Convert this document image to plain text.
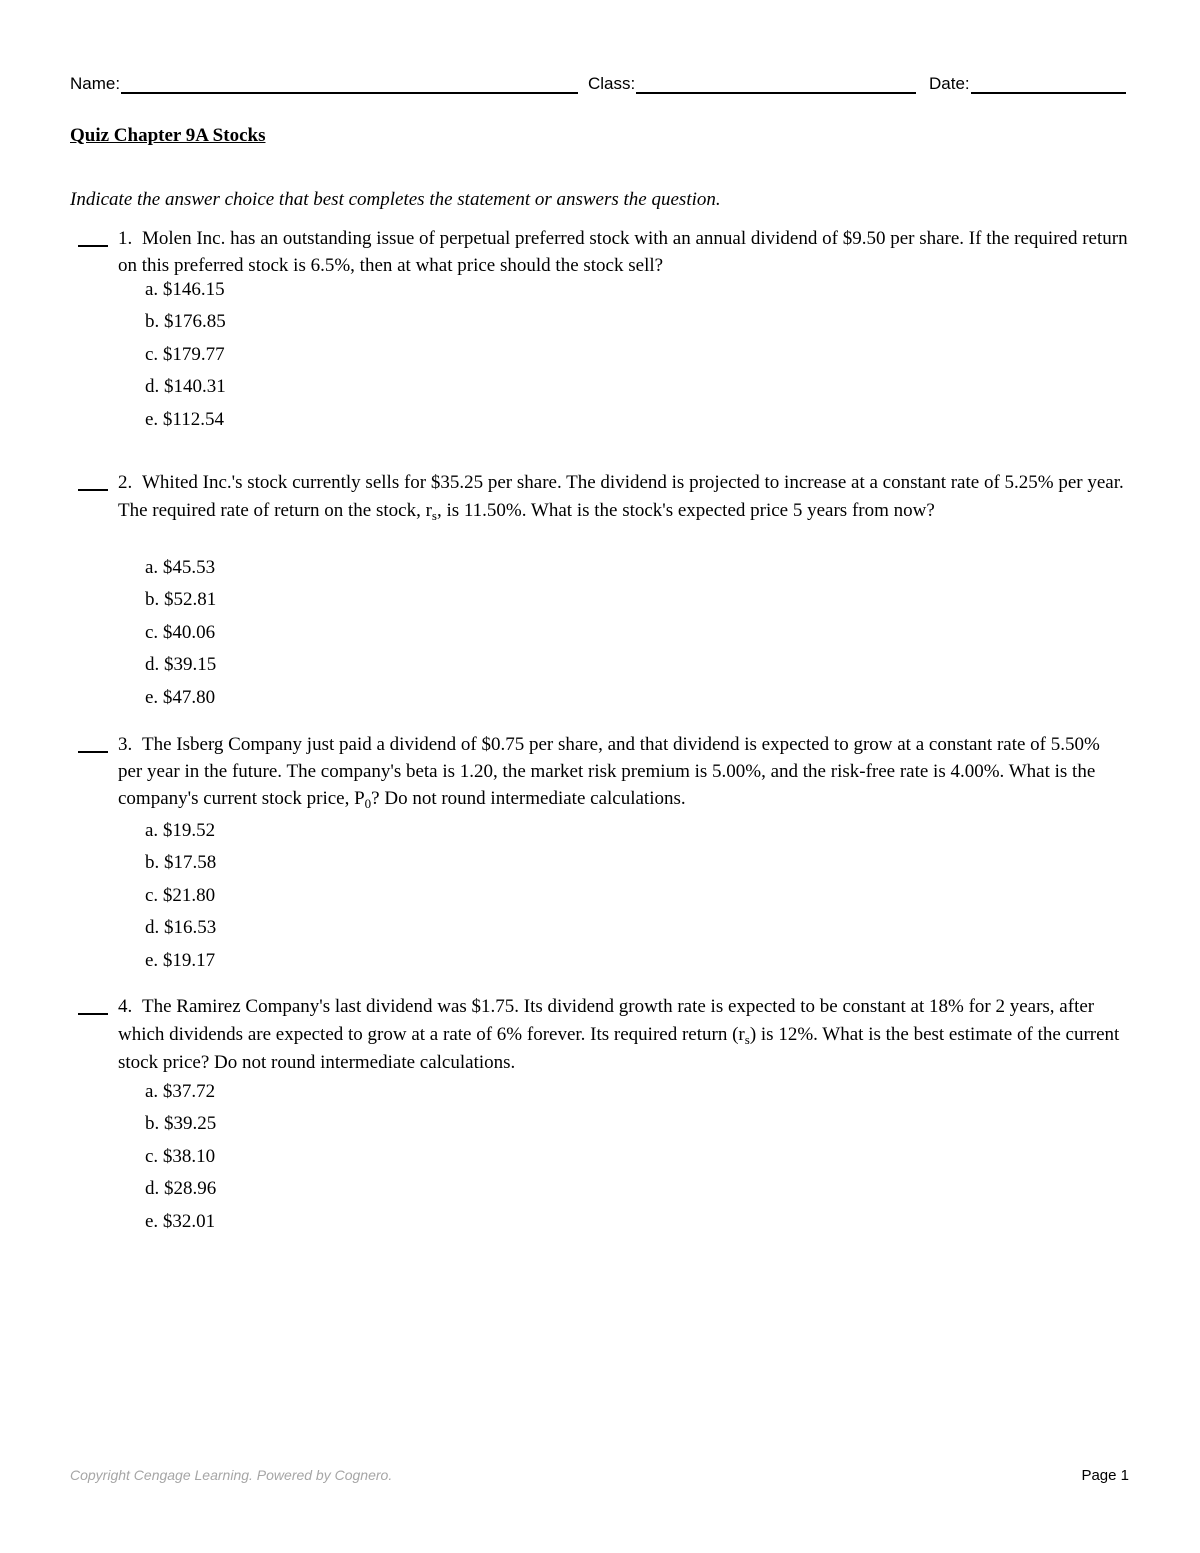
Name:	Class:	Date:
Quiz Chapter 9A Stocks
Indicate the answer choice that best completes the statement or answers the question.
1. Molen Inc. has an outstanding issue of perpetual preferred stock with an annual dividend of $9.50 per share. If the required return on this preferred stock is 6.5%, then at what price should the stock sell?
a. $146.15
b. $176.85
c. $179.77
d. $140.31
e. $112.54
2. Whited Inc.'s stock currently sells for $35.25 per share. The dividend is projected to increase at a constant rate of 5.25% per year. The required rate of return on the stock, $r_s$, is 11.50%. What is the stock's expected price 5 years from now?
a. $45.53
b. $52.81
c. $40.06
d. $39.15
e. $47.80
3. The Isberg Company just paid a dividend of $0.75 per share, and that dividend is expected to grow at a constant rate of 5.50% per year in the future. The company's beta is 1.20, the market risk premium is 5.00%, and the risk-free rate is 4.00%. What is the company's current stock price, $P_0$? Do not round intermediate calculations.
a. $19.52
b. $17.58
c. $21.80
d. $16.53
e. $19.17
4. The Ramirez Company's last dividend was $1.75. Its dividend growth rate is expected to be constant at 18% for 2 years, after which dividends are expected to grow at a rate of 6% forever. Its required return $(r_s)$ is 12%. What is the best estimate of the current stock price? Do not round intermediate calculations.
a. $37.72
b. $39.25
c. $38.10
d. $28.96
e. $32.01
Copyright Cengage Learning. Powered by Cognero.	Page 1
